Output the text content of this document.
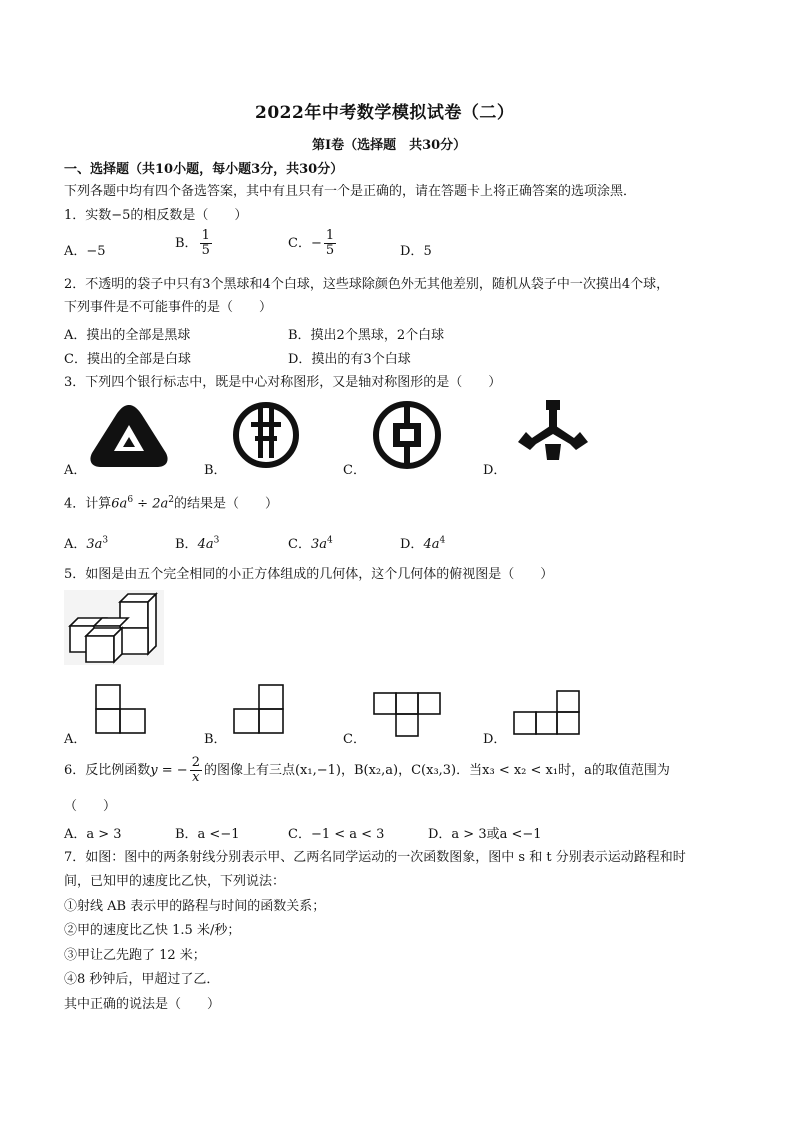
2022年中考数学模拟试卷（二）
第Ⅰ卷（选择题　共30分）
一、选择题（共10小题，每小题3分，共30分）
下列各题中均有四个备选答案，其中有且只有一个是正确的，请在答题卡上将正确答案的选项涂黑．
1．实数−5的相反数是（　　）
A．−5
B． $\frac{1}{5}$	C．− $\frac{1}{5}$	D．5
2．不透明的袋子中只有3个黑球和4个白球，这些球除颜色外无其他差别，随机从袋子中一次摸出4个球，
下列事件是不可能事件的是（　　）
A．摸出的全部是黑球	B．摸出2个黑球，2个白球
C．摸出的全部是白球	D．摸出的有3个白球
3．下列四个银行标志中，既是中心对称图形，又是轴对称图形的是（　　）
A．	B．	C．	D．
4．计算$6a^6 \div 2a^2$的结果是（　　）
A．$3a^3$	B．$4a^3$	C．$3a^4$	D．$4a^4$
5．如图是由五个完全相同的小正方体组成的几何体，这个几何体的俯视图是（　　）
A．	B．	C．	D．
6．反比例函数y = − $\frac{2}{x}$ 的图像上有三点(x₁,−1)，B(x₂,a)，C(x₃,3)．当x₃ < x₂ < x₁时，a的取值范围为
（　　）
A．a > 3	B．a <−1	C．−1 < a < 3	D．a > 3或a <−1
7．如图：图中的两条射线分别表示甲、乙两名同学运动的一次函数图象，图中 s 和 t 分别表示运动路程和时
间，已知甲的速度比乙快，下列说法：
①射线 AB 表示甲的路程与时间的函数关系；
②甲的速度比乙快 1.5 米/秒；
③甲让乙先跑了 12 米；
④8 秒钟后，甲超过了乙．
其中正确的说法是（　　）
